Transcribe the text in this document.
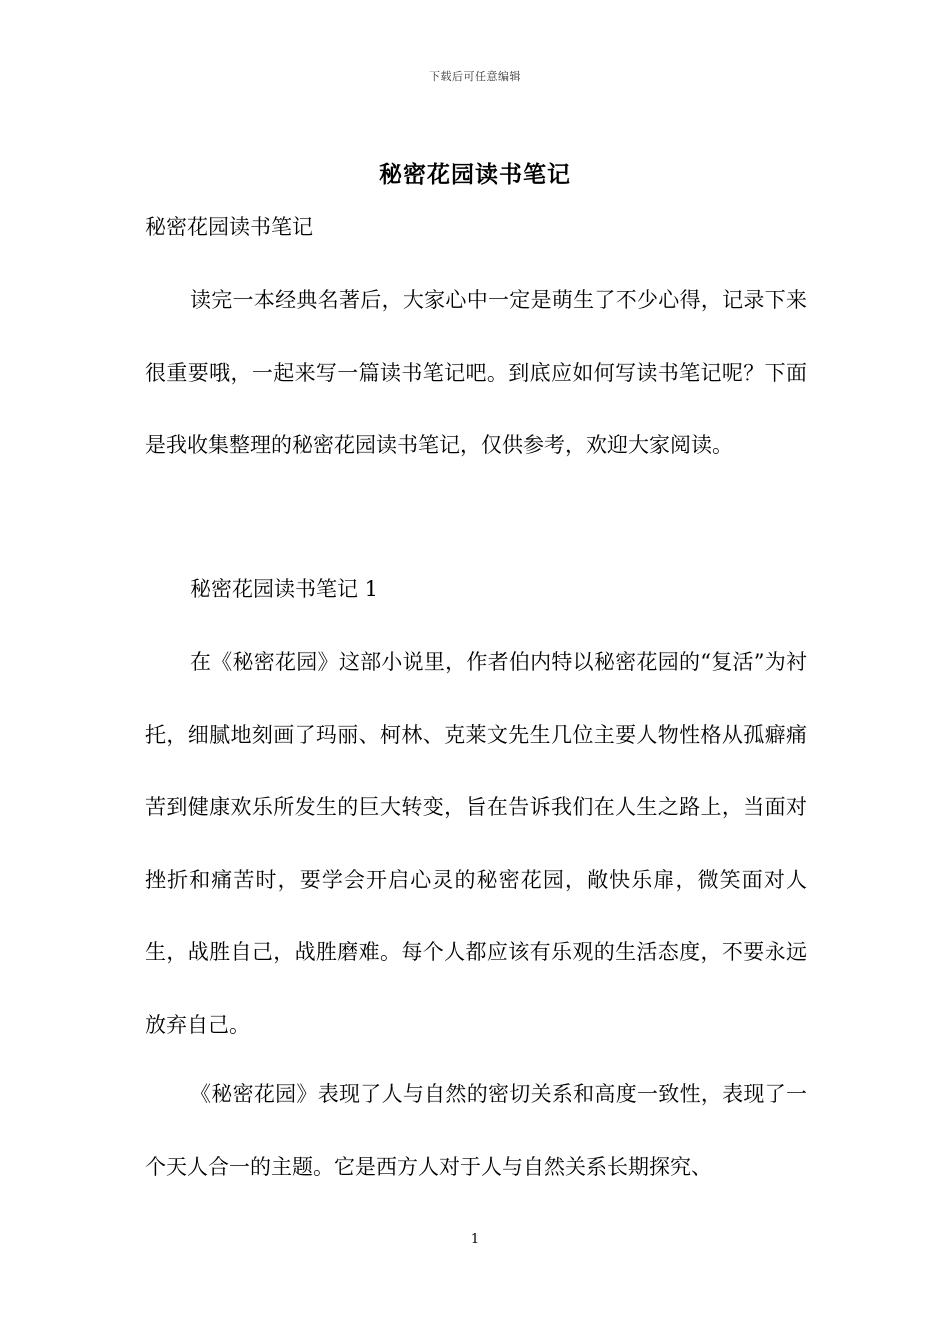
下载后可任意编辑
秘密花园读书笔记

秘密花园读书笔记

读完一本经典名著后，大家心中一定是萌生了不少心得，记录下来很重要哦，一起来写一篇读书笔记吧。到底应如何写读书笔记呢？下面是我收集整理的秘密花园读书笔记，仅供参考，欢迎大家阅读。

秘密花园读书笔记 1

在《秘密花园》这部小说里，作者伯内特以秘密花园的“复活”为衬托，细腻地刻画了玛丽、柯林、克莱文先生几位主要人物性格从孤癖痛苦到健康欢乐所发生的巨大转变，旨在告诉我们在人生之路上，当面对挫折和痛苦时，要学会开启心灵的秘密花园，敞快乐扉，微笑面对人生，战胜自己，战胜磨难。每个人都应该有乐观的生活态度，不要永远放弃自己。

《秘密花园》表现了人与自然的密切关系和高度一致性，表现了一个天人合一的主题。它是西方人对于人与自然关系长期探究、

1
